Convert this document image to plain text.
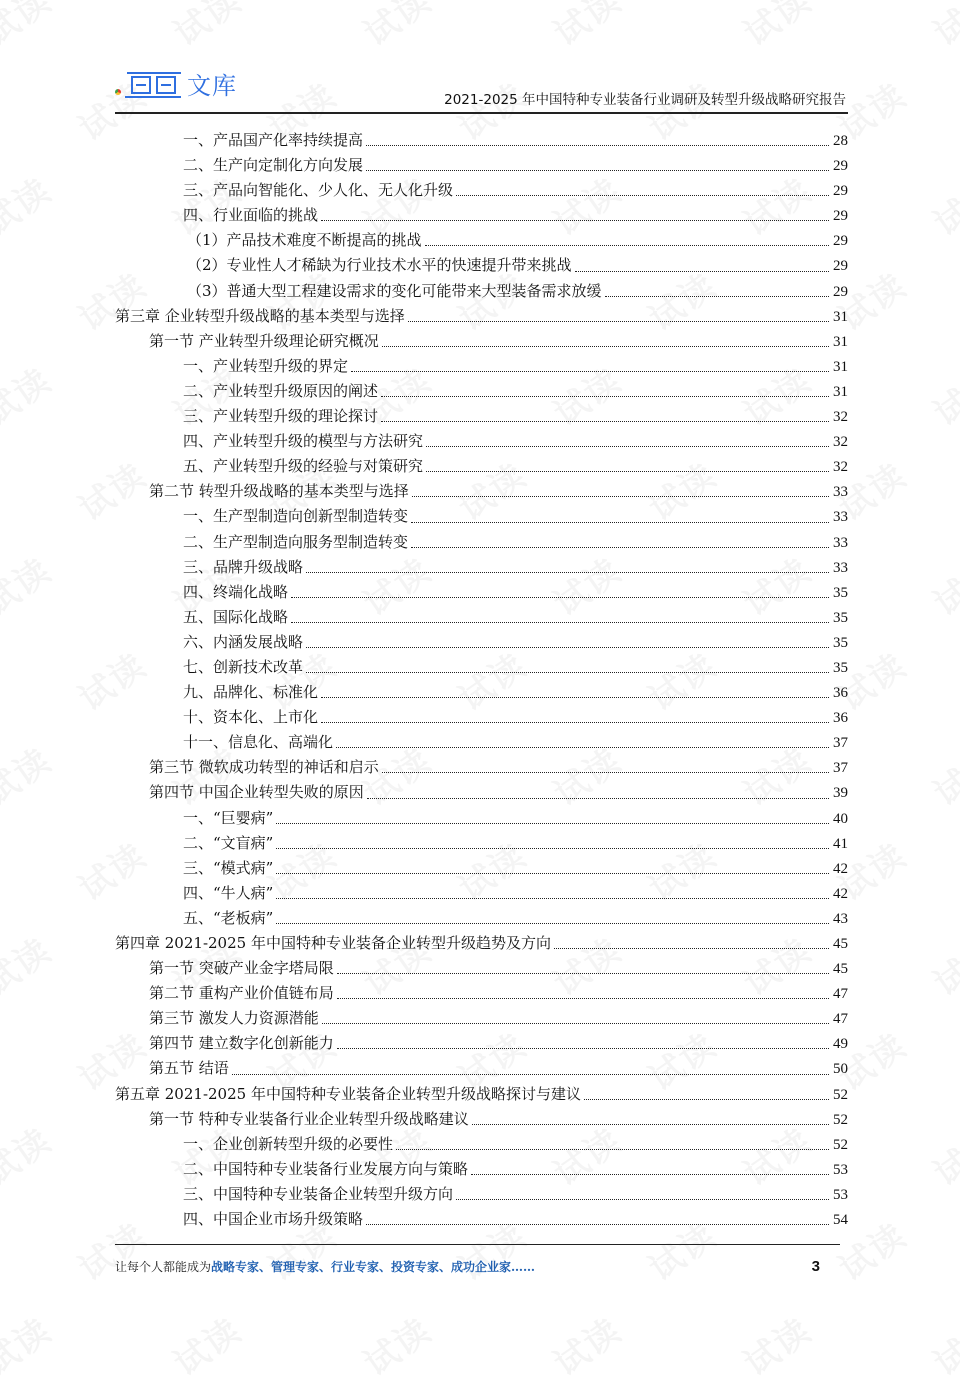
文库	2021-2025 年中国特种专业装备行业调研及转型升级战略研究报告
一、产品国产化率持续提高	28
二、生产向定制化方向发展	29
三、产品向智能化、少人化、无人化升级	29
四、行业面临的挑战	29
（1）产品技术难度不断提高的挑战	29
（2）专业性人才稀缺为行业技术水平的快速提升带来挑战	29
（3）普通大型工程建设需求的变化可能带来大型装备需求放缓	29
第三章 企业转型升级战略的基本类型与选择	31
第一节 产业转型升级理论研究概况	31
一、产业转型升级的界定	31
二、产业转型升级原因的阐述	31
三、产业转型升级的理论探讨	32
四、产业转型升级的模型与方法研究	32
五、产业转型升级的经验与对策研究	32
第二节 转型升级战略的基本类型与选择	33
一、生产型制造向创新型制造转变	33
二、生产型制造向服务型制造转变	33
三、品牌升级战略	33
四、终端化战略	35
五、国际化战略	35
六、内涵发展战略	35
七、创新技术改革	35
九、品牌化、标准化	36
十、资本化、上市化	36
十一、信息化、高端化	37
第三节 微软成功转型的神话和启示	37
第四节 中国企业转型失败的原因	39
一、“巨婴病”	40
二、“文盲病”	41
三、“模式病”	42
四、“牛人病”	42
五、“老板病”	43
第四章 2021-2025 年中国特种专业装备企业转型升级趋势及方向	45
第一节 突破产业金字塔局限	45
第二节 重构产业价值链布局	47
第三节 激发人力资源潜能	47
第四节 建立数字化创新能力	49
第五节 结语	50
第五章 2021-2025 年中国特种专业装备企业转型升级战略探讨与建议	52
第一节 特种专业装备行业企业转型升级战略建议	52
一、企业创新转型升级的必要性	52
二、中国特种专业装备行业发展方向与策略	53
三、中国特种专业装备企业转型升级方向	53
四、中国企业市场升级策略	54
让每个人都能成为战略专家、管理专家、行业专家、投资专家、成功企业家……	3
